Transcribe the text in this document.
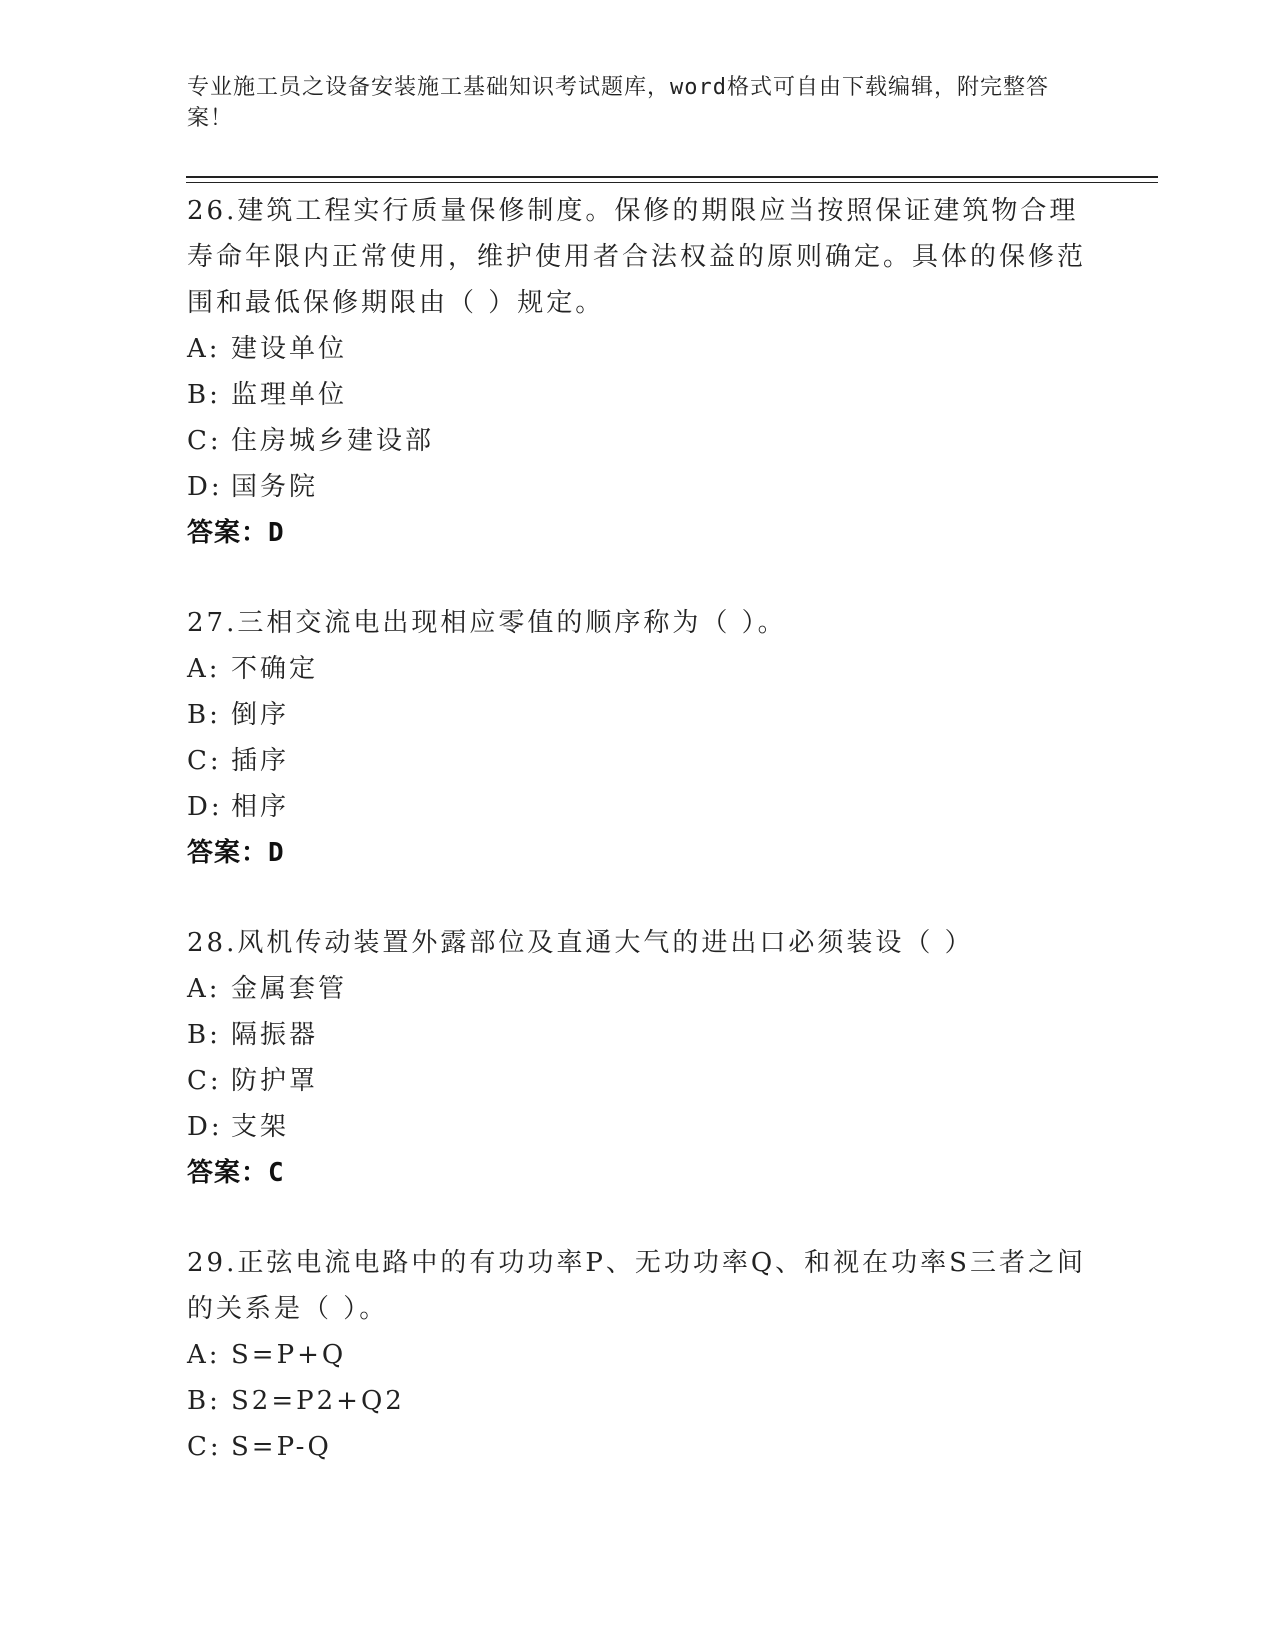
专业施工员之设备安装施工基础知识考试题库，word格式可自由下载编辑，附完整答案！

26.建筑工程实行质量保修制度。保修的期限应当按照保证建筑物合理寿命年限内正常使用，维护使用者合法权益的原则确定。具体的保修范围和最低保修期限由（ ）规定。

A: 建设单位
B: 监理单位
C: 住房城乡建设部
D: 国务院
答案：D

27.三相交流电出现相应零值的顺序称为（ ）。

A: 不确定
B: 倒序
C: 插序
D: 相序
答案：D

28.风机传动装置外露部位及直通大气的进出口必须装设（ ）

A: 金属套管
B: 隔振器
C: 防护罩
D: 支架
答案：C

29.正弦电流电路中的有功功率P、无功功率Q、和视在功率S三者之间的关系是（ ）。

A: S=P+Q
B: S2=P2+Q2
C: S=P-Q
